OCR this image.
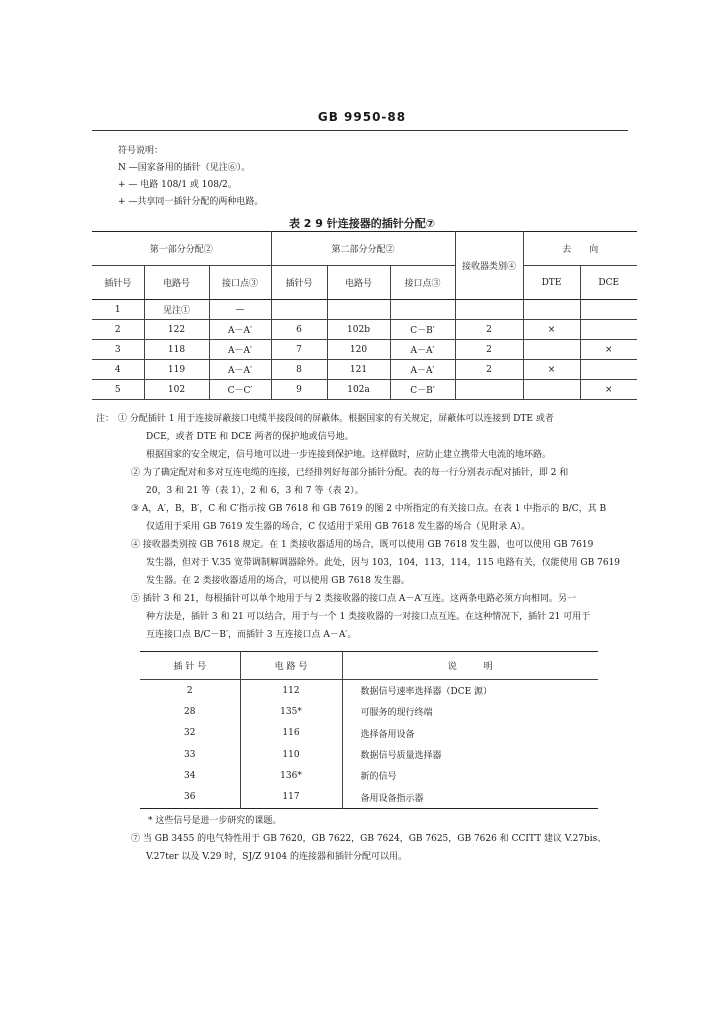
GB 9950-88
符号说明：
N —国家备用的插针（见注⑥）。
+ — 电路 108/1 或 108/2。
+ —共享同一插针分配的两种电路。
表 2 9 针连接器的插针分配⑦
第一部分分配②			第二部分分配②			接收器类别④	去　　向	
插针号	电路号	接口点③	插针号	电路号	接口点③		DTE	DCE
1	见注①	—						
2	122	A－A′	6	102b	C－B′	2	×	
3	118	A－A′	7	120	A－A′	2		×
4	119	A－A′	8	121	A－A′	2	×	
5	102	C－C′	9	102a	C－B′			×
注： ① 分配插针 1 用于连接屏蔽接口电缆半接段间的屏蔽体。根据国家的有关规定，屏蔽体可以连接到 DTE 或者
DCE，或者 DTE 和 DCE 两者的保护地或信号地。
根据国家的安全规定，信号地可以进一步连接到保护地。这样做时，应防止建立携带大电流的地环路。
② 为了确定配对和多对互连电缆的连接，已经排列好每部分插针分配。表的每一行分别表示配对插针，即 2 和
20，3 和 21 等（表 1），2 和 6，3 和 7 等（表 2）。
③ A，A′，B，B′，C 和 C′指示按 GB 7618 和 GB 7619 的图 2 中所指定的有关接口点。在表 1 中指示的 B/C，其 B
仅适用于采用 GB 7619 发生器的场合，C 仅适用于采用 GB 7618 发生器的场合（见附录 A）。
④ 接收器类别按 GB 7618 规定。在 1 类接收器适用的场合，既可以使用 GB 7618 发生器，也可以使用 GB 7619
发生器，但对于 V.35 宽带调制解调器除外。此处，因与 103，104，113，114，115 电路有关，仅能使用 GB 7619
发生器。在 2 类接收器适用的场合，可以使用 GB 7618 发生器。
⑤ 插针 3 和 21，每根插针可以单个地用于与 2 类接收器的接口点 A－A′互连。这两条电路必须方向相同。另一
种方法是，插针 3 和 21 可以结合，用于与一个 1 类接收器的一对接口点互连。在这种情况下，插针 21 可用于
互连接口点 B/C－B′，而插针 3 互连接口点 A－A′。
插 针 号	电 路 号	说　　　明
2	112	数据信号速率选择器（DCE 源）
28	135*	可服务的现行终端
32	116	选择备用设备
33	110	数据信号质量选择器
34	136*	新的信号
36	117	备用设备指示器
* 这些信号是进一步研究的课题。
⑦ 当 GB 3455 的电气特性用于 GB 7620，GB 7622，GB 7624，GB 7625，GB 7626 和 CCITT 建议 V.27bis、
V.27ter 以及 V.29 时，SJ/Z 9104 的连接器和插针分配可以用。
